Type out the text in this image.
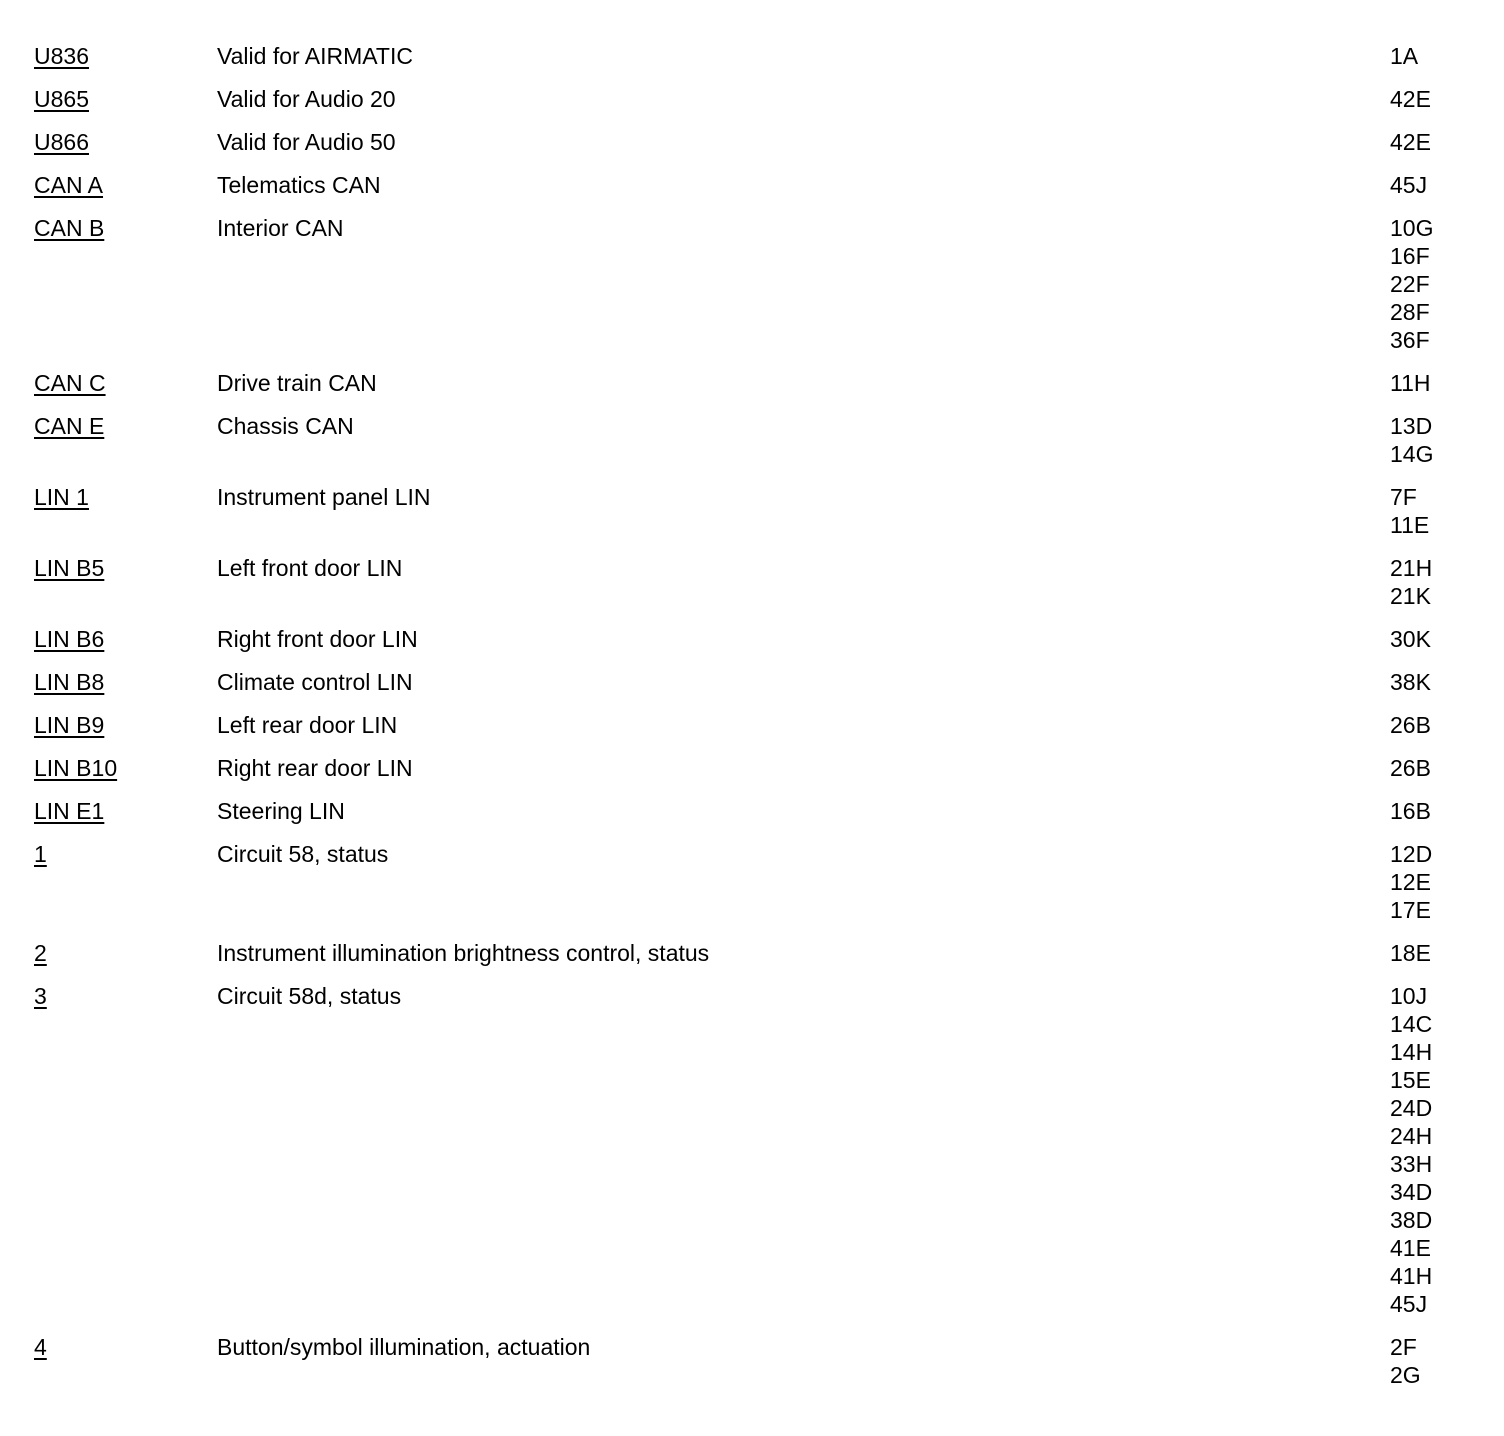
U836	Valid for AIRMATIC	1A
U865	Valid for Audio 20	42E
U866	Valid for Audio 50	42E
CAN A	Telematics CAN	45J
CAN B	Interior CAN	10G
16F
22F
28F
36F
CAN C	Drive train CAN	11H
CAN E	Chassis CAN	13D
14G
LIN 1	Instrument panel LIN	7F
11E
LIN B5	Left front door LIN	21H
21K
LIN B6	Right front door LIN	30K
LIN B8	Climate control LIN	38K
LIN B9	Left rear door LIN	26B
LIN B10	Right rear door LIN	26B
LIN E1	Steering LIN	16B
1	Circuit 58, status	12D
12E
17E
2	Instrument illumination brightness control, status	18E
3	Circuit 58d, status	10J
14C
14H
15E
24D
24H
33H
34D
38D
41E
41H
45J
4	Button/symbol illumination, actuation	2F
2G
